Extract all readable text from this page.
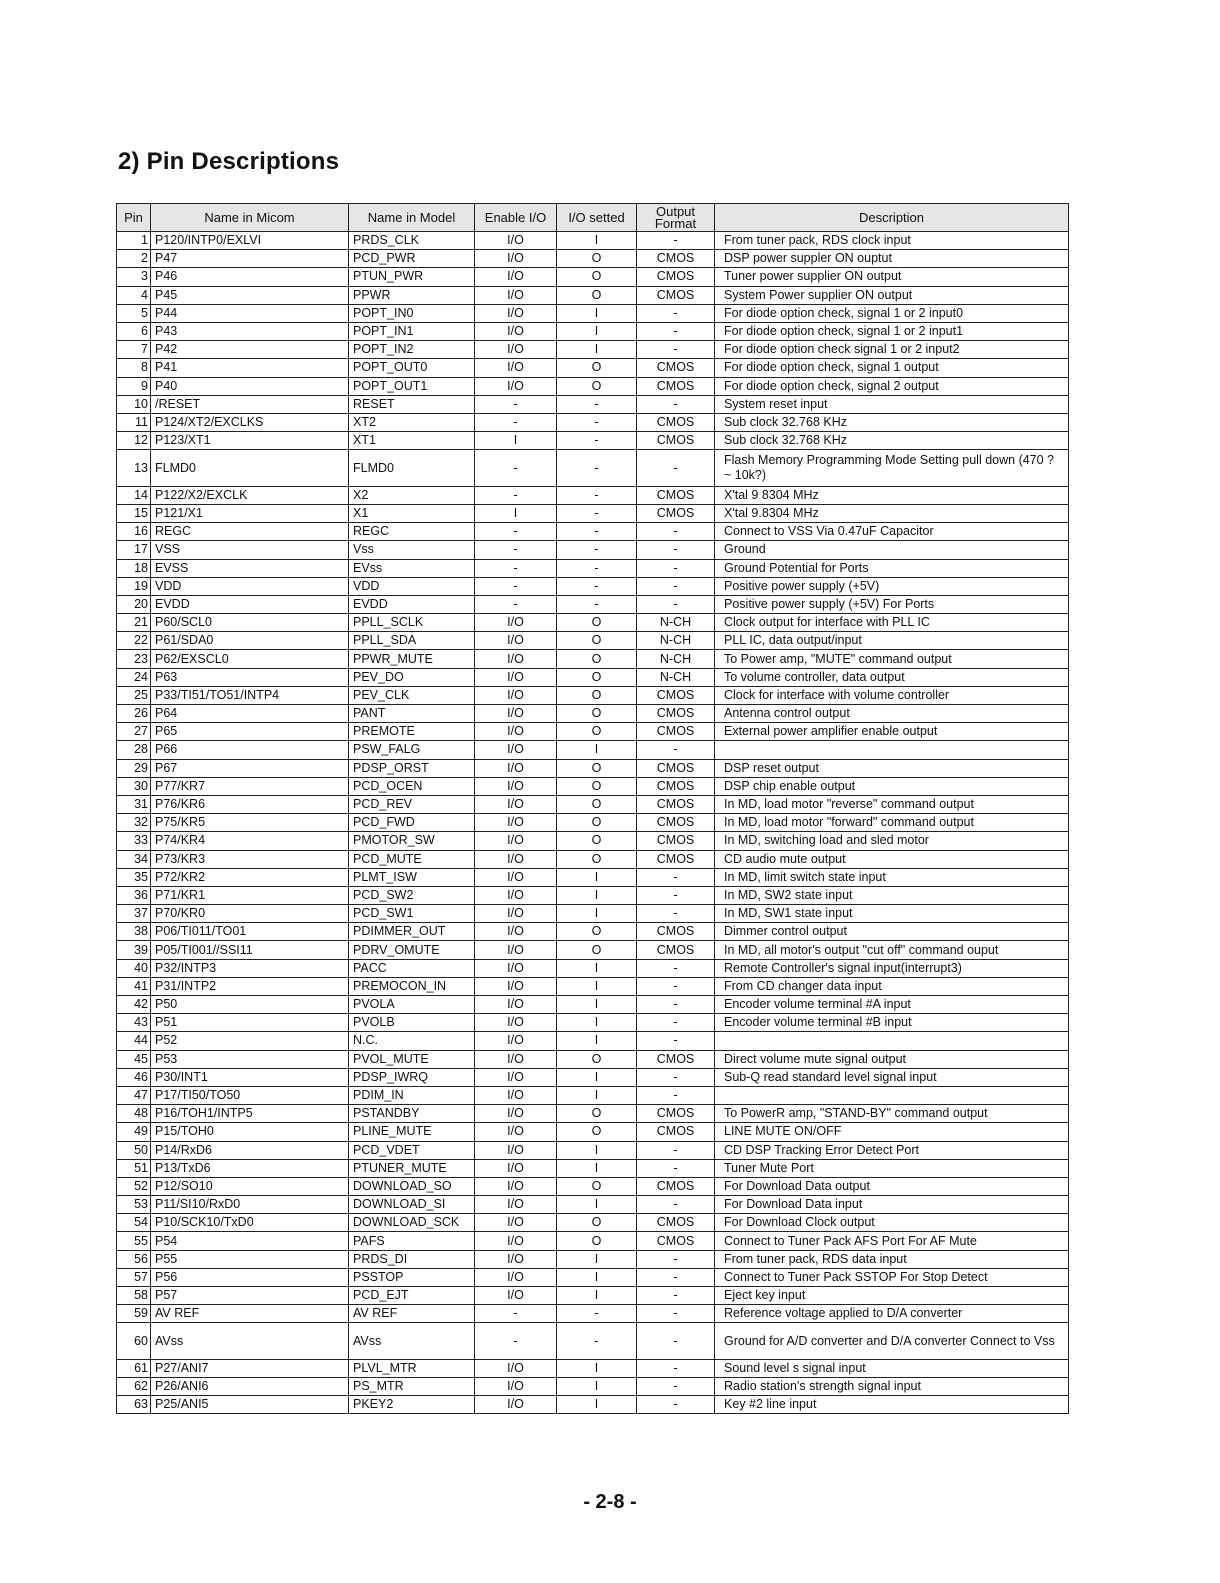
2) Pin Descriptions
Pin	Name in Micom	Name in Model	Enable I/O	I/O setted	Output Format	Description
1	P120/INTP0/EXLVI	PRDS_CLK	I/O	I	-	From tuner pack, RDS clock input
2	P47	PCD_PWR	I/O	O	CMOS	DSP power suppler ON ouptut
3	P46	PTUN_PWR	I/O	O	CMOS	Tuner power supplier ON output
4	P45	PPWR	I/O	O	CMOS	System Power supplier ON output
5	P44	POPT_IN0	I/O	I	-	For diode option check, signal 1 or 2 input0
6	P43	POPT_IN1	I/O	I	-	For diode option check, signal 1 or 2 input1
7	P42	POPT_IN2	I/O	I	-	For diode option check signal 1 or 2 input2
8	P41	POPT_OUT0	I/O	O	CMOS	For diode option check, signal 1 output
9	P40	POPT_OUT1	I/O	O	CMOS	For diode option check, signal 2 output
10	/RESET	RESET	-	-	-	System reset input
11	P124/XT2/EXCLKS	XT2	-	-	CMOS	Sub clock 32.768 KHz
12	P123/XT1	XT1	I	-	CMOS	Sub clock 32.768 KHz
13	FLMD0	FLMD0	-	-	-	Flash Memory Programming Mode Setting pull down (470 ? ~ 10k?)
14	P122/X2/EXCLK	X2	-	-	CMOS	X'tal 9 8304 MHz
15	P121/X1	X1	I	-	CMOS	X'tal 9.8304 MHz
16	REGC	REGC	-	-	-	Connect to VSS Via 0.47uF Capacitor
17	VSS	Vss	-	-	-	Ground
18	EVSS	EVss	-	-	-	Ground Potential for Ports
19	VDD	VDD	-	-	-	Positive power supply (+5V)
20	EVDD	EVDD	-	-	-	Positive power supply (+5V) For Ports
21	P60/SCL0	PPLL_SCLK	I/O	O	N-CH	Clock output for interface with PLL IC
22	P61/SDA0	PPLL_SDA	I/O	O	N-CH	PLL IC, data output/input
23	P62/EXSCL0	PPWR_MUTE	I/O	O	N-CH	To Power amp, "MUTE" command output
24	P63	PEV_DO	I/O	O	N-CH	To volume controller, data output
25	P33/TI51/TO51/INTP4	PEV_CLK	I/O	O	CMOS	Clock for interface with volume controller
26	P64	PANT	I/O	O	CMOS	Antenna control output
27	P65	PREMOTE	I/O	O	CMOS	External power amplifier enable output
28	P66	PSW_FALG	I/O	I	-	
29	P67	PDSP_ORST	I/O	O	CMOS	DSP reset output
30	P77/KR7	PCD_OCEN	I/O	O	CMOS	DSP chip enable output
31	P76/KR6	PCD_REV	I/O	O	CMOS	In MD, load motor "reverse" command output
32	P75/KR5	PCD_FWD	I/O	O	CMOS	In MD, load motor "forward" command output
33	P74/KR4	PMOTOR_SW	I/O	O	CMOS	In MD, switching load and sled motor
34	P73/KR3	PCD_MUTE	I/O	O	CMOS	CD audio mute output
35	P72/KR2	PLMT_ISW	I/O	I	-	In MD, limit switch state input
36	P71/KR1	PCD_SW2	I/O	I	-	In MD, SW2 state input
37	P70/KR0	PCD_SW1	I/O	I	-	In MD, SW1 state input
38	P06/TI011/TO01	PDIMMER_OUT	I/O	O	CMOS	Dimmer control output
39	P05/TI001//SSI11	PDRV_OMUTE	I/O	O	CMOS	In MD, all motor's output "cut off" command ouput
40	P32/INTP3	PACC	I/O	I	-	Remote Controller's signal input(interrupt3)
41	P31/INTP2	PREMOCON_IN	I/O	I	-	From CD changer data input
42	P50	PVOLA	I/O	I	-	Encoder volume terminal #A input
43	P51	PVOLB	I/O	I	-	Encoder volume terminal #B input
44	P52	N.C.	I/O	I	-	
45	P53	PVOL_MUTE	I/O	O	CMOS	Direct volume mute signal output
46	P30/INT1	PDSP_IWRQ	I/O	I	-	Sub-Q read standard level signal input
47	P17/TI50/TO50	PDIM_IN	I/O	I	-	
48	P16/TOH1/INTP5	PSTANDBY	I/O	O	CMOS	To PowerR amp, "STAND-BY" command output
49	P15/TOH0	PLINE_MUTE	I/O	O	CMOS	LINE MUTE ON/OFF
50	P14/RxD6	PCD_VDET	I/O	I	-	CD DSP Tracking Error Detect Port
51	P13/TxD6	PTUNER_MUTE	I/O	I	-	Tuner Mute Port
52	P12/SO10	DOWNLOAD_SO	I/O	O	CMOS	For Download Data output
53	P11/SI10/RxD0	DOWNLOAD_SI	I/O	I	-	For Download Data input
54	P10/SCK10/TxD0	DOWNLOAD_SCK	I/O	O	CMOS	For Download Clock output
55	P54	PAFS	I/O	O	CMOS	Connect to Tuner Pack AFS Port For AF Mute
56	P55	PRDS_DI	I/O	I	-	From tuner pack, RDS data input
57	P56	PSSTOP	I/O	I	-	Connect to Tuner Pack SSTOP For Stop Detect
58	P57	PCD_EJT	I/O	I	-	Eject key input
59	AV REF	AV REF	-	-	-	Reference voltage applied to D/A converter
60	AVss	AVss	-	-	-	Ground for A/D converter and D/A converter Connect to Vss
61	P27/ANI7	PLVL_MTR	I/O	I	-	Sound level s signal input
62	P26/ANI6	PS_MTR	I/O	I	-	Radio station's strength signal input
63	P25/ANI5	PKEY2	I/O	I	-	Key #2 line input
- 2-8 -
